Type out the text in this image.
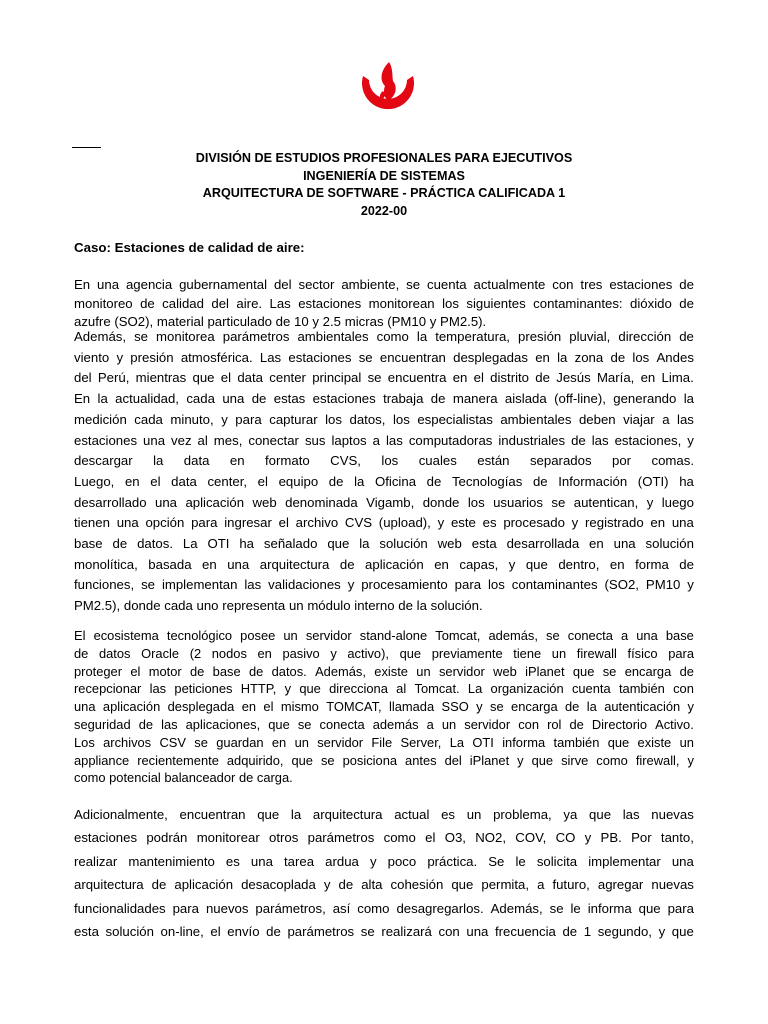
DIVISIÓN DE ESTUDIOS PROFESIONALES PARA EJECUTIVOS
INGENIERÍA DE SISTEMAS
ARQUITECTURA DE SOFTWARE - PRÁCTICA CALIFICADA 1
2022-00
Caso: Estaciones de calidad de aire:
En una agencia gubernamental del sector ambiente, se cuenta actualmente con tres estaciones de
monitoreo de calidad del aire. Las estaciones monitorean los siguientes contaminantes: dióxido de
azufre (SO2), material particulado de 10 y 2.5 micras (PM10 y PM2.5).
Además, se monitorea parámetros ambientales como la temperatura, presión pluvial, dirección de
viento y presión atmosférica. Las estaciones se encuentran desplegadas en la zona de los Andes
del Perú, mientras que el data center principal se encuentra en el distrito de Jesús María, en Lima.
En la actualidad, cada una de estas estaciones trabaja de manera aislada (off-line), generando la
medición cada minuto, y para capturar los datos, los especialistas ambientales deben viajar a las
estaciones una vez al mes, conectar sus laptos a las computadoras industriales de las estaciones, y
descargar la data en formato CVS, los cuales están separados por comas.
Luego, en el data center, el equipo de la Oficina de Tecnologías de Información (OTI) ha
desarrollado una aplicación web denominada Vigamb, donde los usuarios se autentican, y luego
tienen una opción para ingresar el archivo CVS (upload), y este es procesado y registrado en una
base de datos. La OTI ha señalado que la solución web esta desarrollada en una solución
monolítica, basada en una arquitectura de aplicación en capas, y que dentro, en forma de
funciones, se implementan las validaciones y procesamiento para los contaminantes (SO2, PM10 y
PM2.5), donde cada uno representa un módulo interno de la solución.
El ecosistema tecnológico posee un servidor stand-alone Tomcat, además, se conecta a una base
de datos Oracle (2 nodos en pasivo y activo), que previamente tiene un firewall físico para
proteger el motor de base de datos. Además, existe un servidor web iPlanet que se encarga de
recepcionar las peticiones HTTP, y que direcciona al Tomcat. La organización cuenta también con
una aplicación desplegada en el mismo TOMCAT, llamada SSO y se encarga de la autenticación y
seguridad de las aplicaciones, que se conecta además a un servidor con rol de Directorio Activo.
Los archivos CSV se guardan en un servidor File Server, La OTI informa también que existe un
appliance recientemente adquirido, que se posiciona antes del iPlanet y que sirve como firewall, y
como potencial balanceador de carga.
Adicionalmente, encuentran que la arquitectura actual es un problema, ya que las nuevas
estaciones podrán monitorear otros parámetros como el O3, NO2, COV, CO y PB. Por tanto,
realizar mantenimiento es una tarea ardua y poco práctica. Se le solicita implementar una
arquitectura de aplicación desacoplada y de alta cohesión que permita, a futuro, agregar nuevas
funcionalidades para nuevos parámetros, así como desagregarlos. Además, se le informa que para
esta solución on-line, el envío de parámetros se realizará con una frecuencia de 1 segundo, y que
